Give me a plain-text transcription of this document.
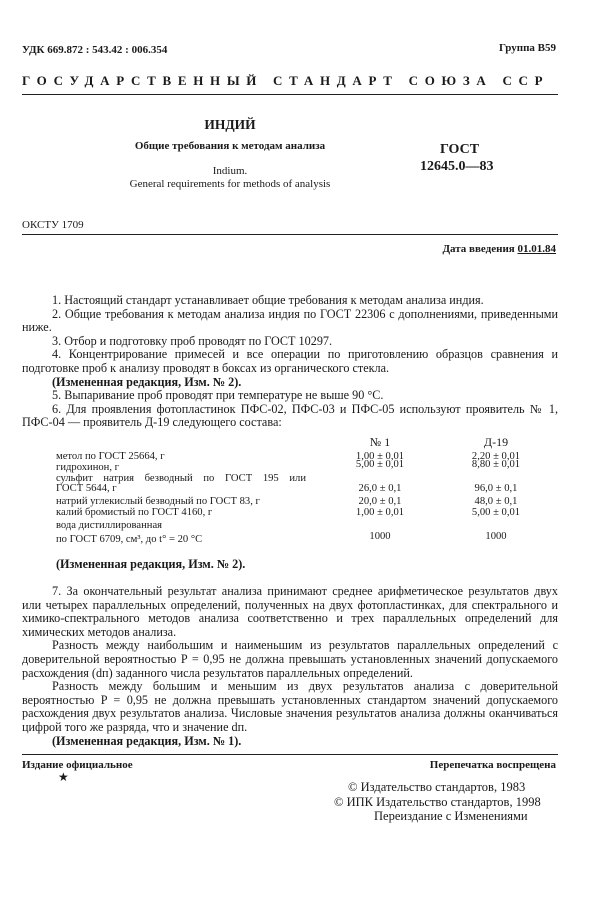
УДК 669.872 : 543.42 : 006.354	Группа В59
ГОСУДАРСТВЕННЫЙ СТАНДАРТ СОЮЗА ССР
ИНДИЙ
Общие требования к методам анализа
Indium.
General requirements for methods of analysis
ГОСТ
12645.0—83
ОКСТУ 1709
Дата введения 01.01.84

1. Настоящий стандарт устанавливает общие требования к методам анализа индия.

2. Общие требования к методам анализа индия по ГОСТ 22306 с дополнениями, приведенными ниже.

3. Отбор и подготовку проб проводят по ГОСТ 10297.

4. Концентрирование примесей и все операции по приготовлению образцов сравнения и подготовке проб к анализу проводят в боксах из органического стекла.

(Измененная редакция, Изм. № 2).

5. Выпаривание проб проводят при температуре не выше 90 °С.

6. Для проявления фотопластинок ПФС-02, ПФС-03 и ПФС-05 используют проявитель № 1, ПФС-04 — проявитель Д-19 следующего состава:

№ 1	Д-19
метол по ГОСТ 25664, г	1,00 ± 0,01	2,20 ± 0,01
гидрохинон, г	5,00 ± 0,01	8,80 ± 0,01
сульфит натрия безводный по ГОСТ 195 или
ГОСТ 5644, г	26,0 ± 0,1	96,0 ± 0,1
натрий углекислый безводный по ГОСТ 83, г	20,0 ± 0,1	48,0 ± 0,1
калий бромистый по ГОСТ 4160, г	1,00 ± 0,01	5,00 ± 0,01
вода дистиллированная
по ГОСТ 6709, см³, до t° = 20 °С	1000	1000
(Измененная редакция, Изм. № 2).

7. За окончательный результат анализа принимают среднее арифметическое результатов двух или четырех параллельных определений, полученных на двух фотопластинках, для спектрального и химико-спектрального методов анализа соответственно и трех параллельных определений для химических методов анализа.

Разность между наибольшим и наименьшим из результатов параллельных определений с доверительной вероятностью P = 0,95 не должна превышать установленных значений допускаемого расхождения (dп) заданного числа результатов параллельных определений.

Разность между большим и меньшим из двух результатов анализа с доверительной вероятностью P = 0,95 не должна превышать установленных стандартом значений допускаемого расхождения двух результатов анализа. Числовые значения результатов анализа должны оканчиваться цифрой того же разряда, что и значение dп.

(Измененная редакция, Изм. № 1).

Издание официальное
★
Перепечатка воспрещена
© Издательство стандартов, 1983
© ИПК Издательство стандартов, 1998
Переиздание с Изменениями
